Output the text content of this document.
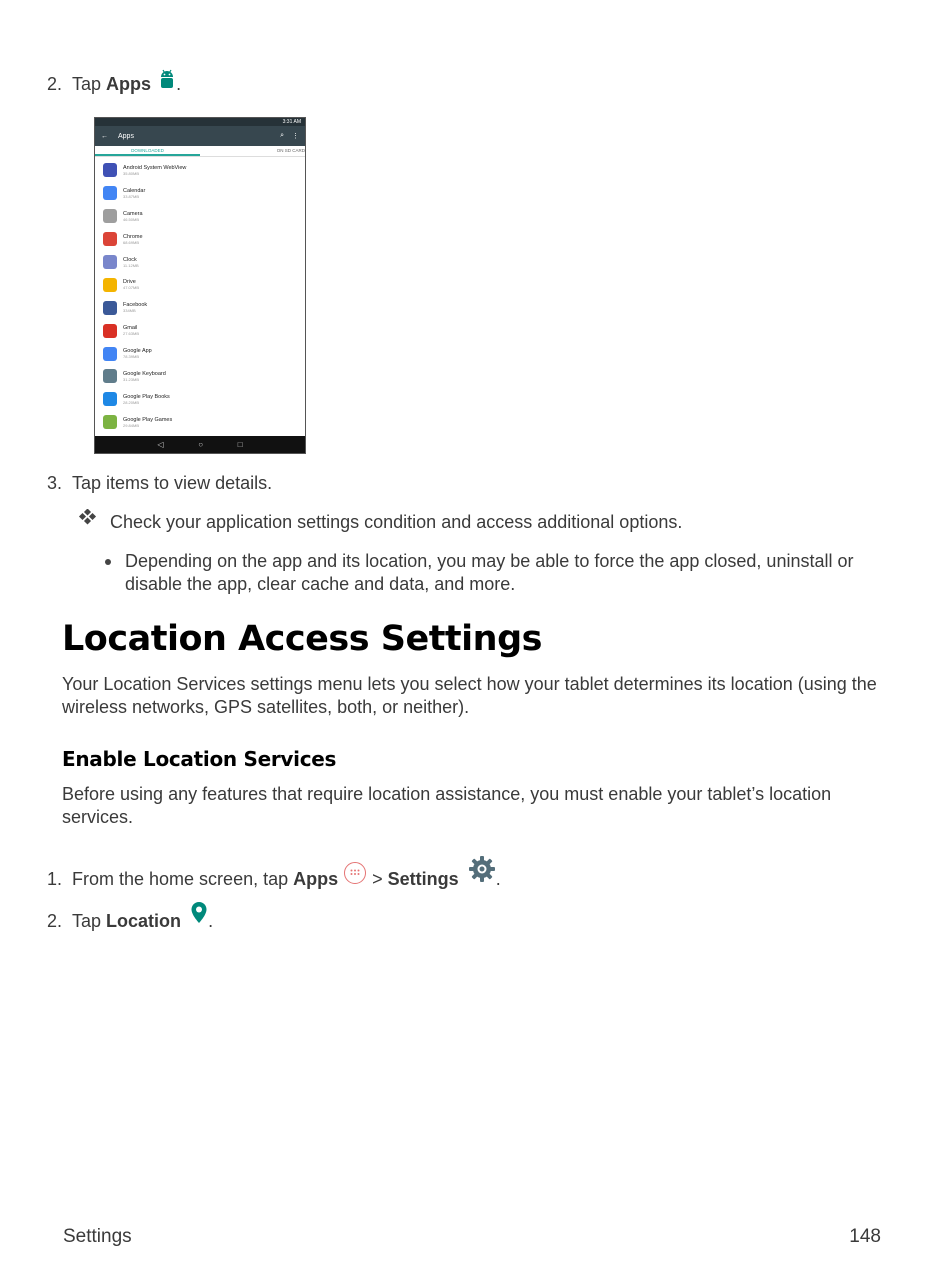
2. Tap Apps .
3:31 AM
← Apps	⌕ ⋮
DOWNLOADED	ON SD CARD
Android System WebView
35.80MB
Calendar
33.87MB
Camera
46.50MB
Chrome
68.69MB
Clock
11.12MB
Drive
47.07MB
Facebook
334MB
Gmail
27.63MB
Google App
78.39MB
Google Keyboard
31.23MB
Google Play Books
28.20MB
Google Play Games
29.84MB
◁	○	□
3. Tap items to view details.
Check your application settings condition and access additional options.
Depending on the app and its location, you may be able to force the app closed, uninstall or disable the app, clear cache and data, and more.
Location Access Settings
Your Location Services settings menu lets you select how your tablet determines its location (using the wireless networks, GPS satellites, both, or neither).
Enable Location Services
Before using any features that require location assistance, you must enable your tablet’s location services.
1. From the home screen, tap Apps  > Settings .
2. Tap Location .
Settings	148
